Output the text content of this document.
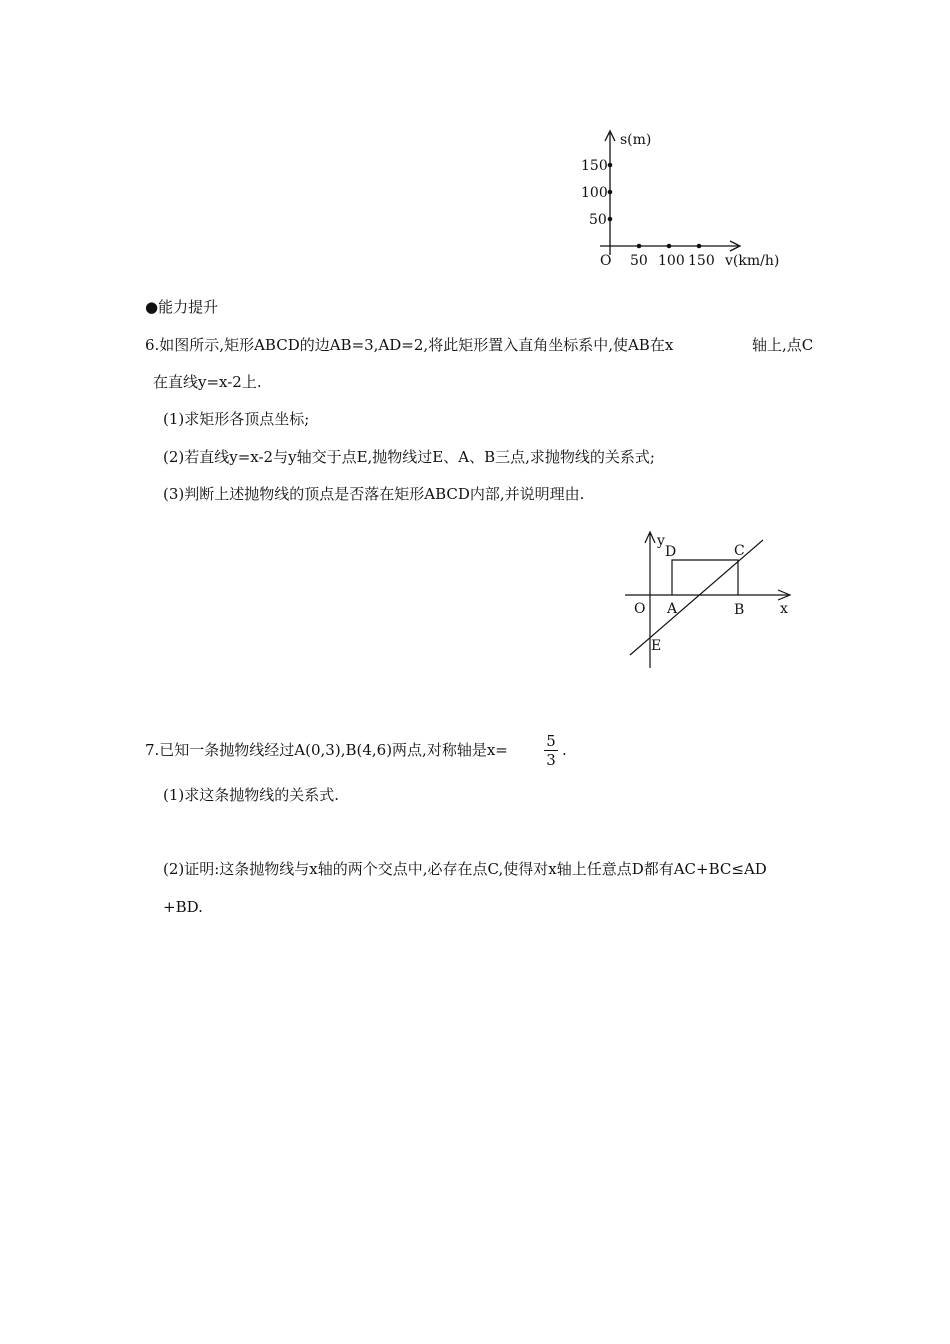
s(m)
150
100
50
O 50 100 150 v(km/h)
●能力提升
6.如图所示,矩形ABCD的边AB=3,AD=2,将此矩形置入直角坐标系中,使AB在x	轴上,点C
在直线y=x-2上.
(1)求矩形各顶点坐标;
(2)若直线y=x-2与y轴交于点E,抛物线过E、A、B三点,求抛物线的关系式;
(3)判断上述抛物线的顶点是否落在矩形ABCD内部,并说明理由.
y
D	C
O A	B	x
E
7.已知一条抛物线经过A(0,3),B(4,6)两点,对称轴是x=	5
3
.
(1)求这条抛物线的关系式.
(2)证明:这条抛物线与x轴的两个交点中,必存在点C,使得对x轴上任意点D都有AC+BC≤AD
+BD.
